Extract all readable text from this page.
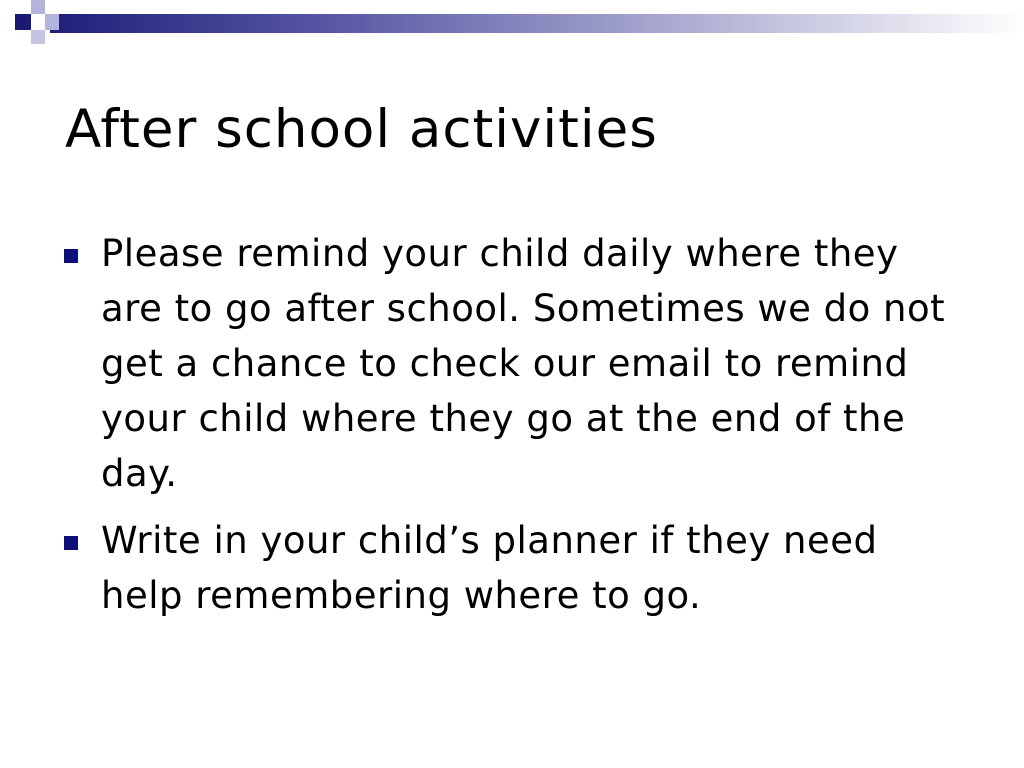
After school activities
Please remind your child daily where they are to go after school. Sometimes we do not get a chance to check our email to remind your child where they go at the end of the day.
Write in your child’s planner if they need help remembering where to go.
